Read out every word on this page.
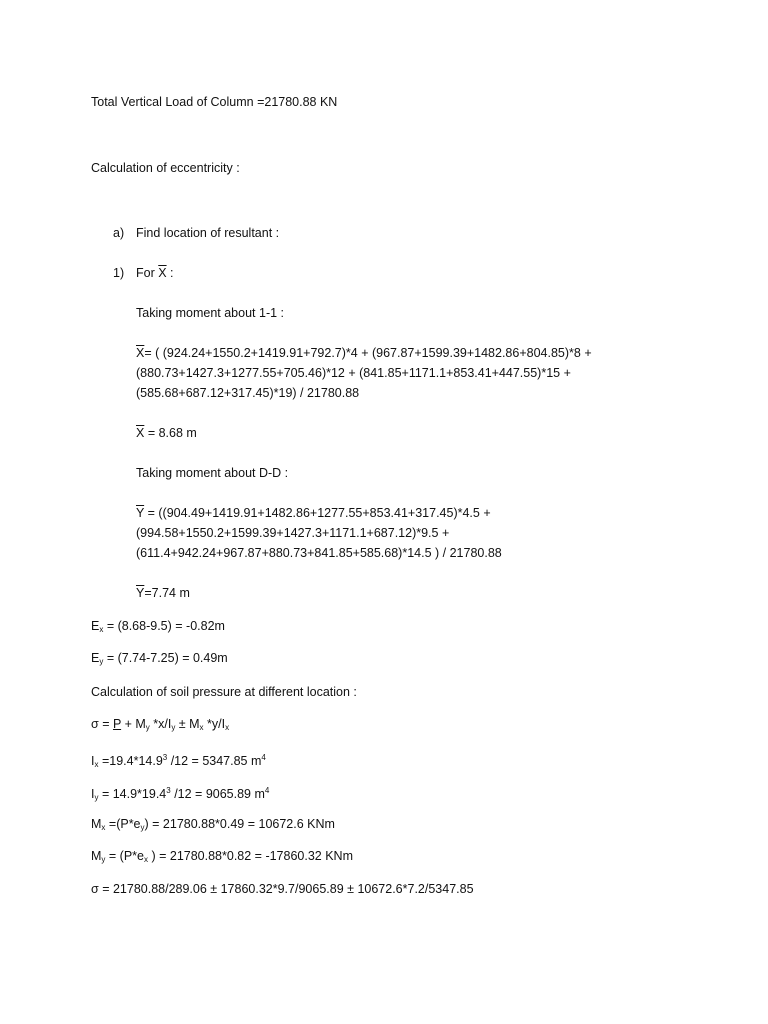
Total Vertical Load of Column =21780.88 KN
Calculation of eccentricity :
a) Find location of resultant :
1) For $\overline{X}$ :
Taking moment about 1-1 :
$\overline{X}=$ ( (924.24+1550.2+1419.91+792.7)*4 + (967.87+1599.39+1482.86+804.85)*8 +
(880.73+1427.3+1277.55+705.46)*12 + (841.85+1171.1+853.41+447.55)*15 +
(585.68+687.12+317.45)*19) / 21780.88
$\overline{X} = 8.68$ m
Taking moment about D-D :
$\overline{Y} = ((904.49+1419.91+1482.86+1277.55+853.41+317.45)*4.5$ +
(994.58+1550.2+1599.39+1427.3+1171.1+687.12)*9.5 +
(611.4+942.24+967.87+880.73+841.85+585.68)*14.5 ) / 21780.88
$\overline{Y}=7.74$ m
$E_x = (8.68-9.5) = -0.82m$
$E_y = (7.74-7.25) = 0.49m$
Calculation of soil pressure at different location :
$\sigma = P + M_y$ $*x/I_y \pm M_x$ $*y/I_x$
$I_x =19.4*14.9^3$ /12 = 5347.85 $m^4$
$I_y = 14.9*19.4^3$ /12 = 9065.89 $m^4$
$M_x =(P*e_y) = 21780.88*0.49 = 10672.6$ KNm
$M_y = (P*e_x$ ) = 21780.88*0.82 = -17860.32 KNm
σ = 21780.88/289.06 ± 17860.32*9.7/9065.89 ± 10672.6*7.2/5347.85
